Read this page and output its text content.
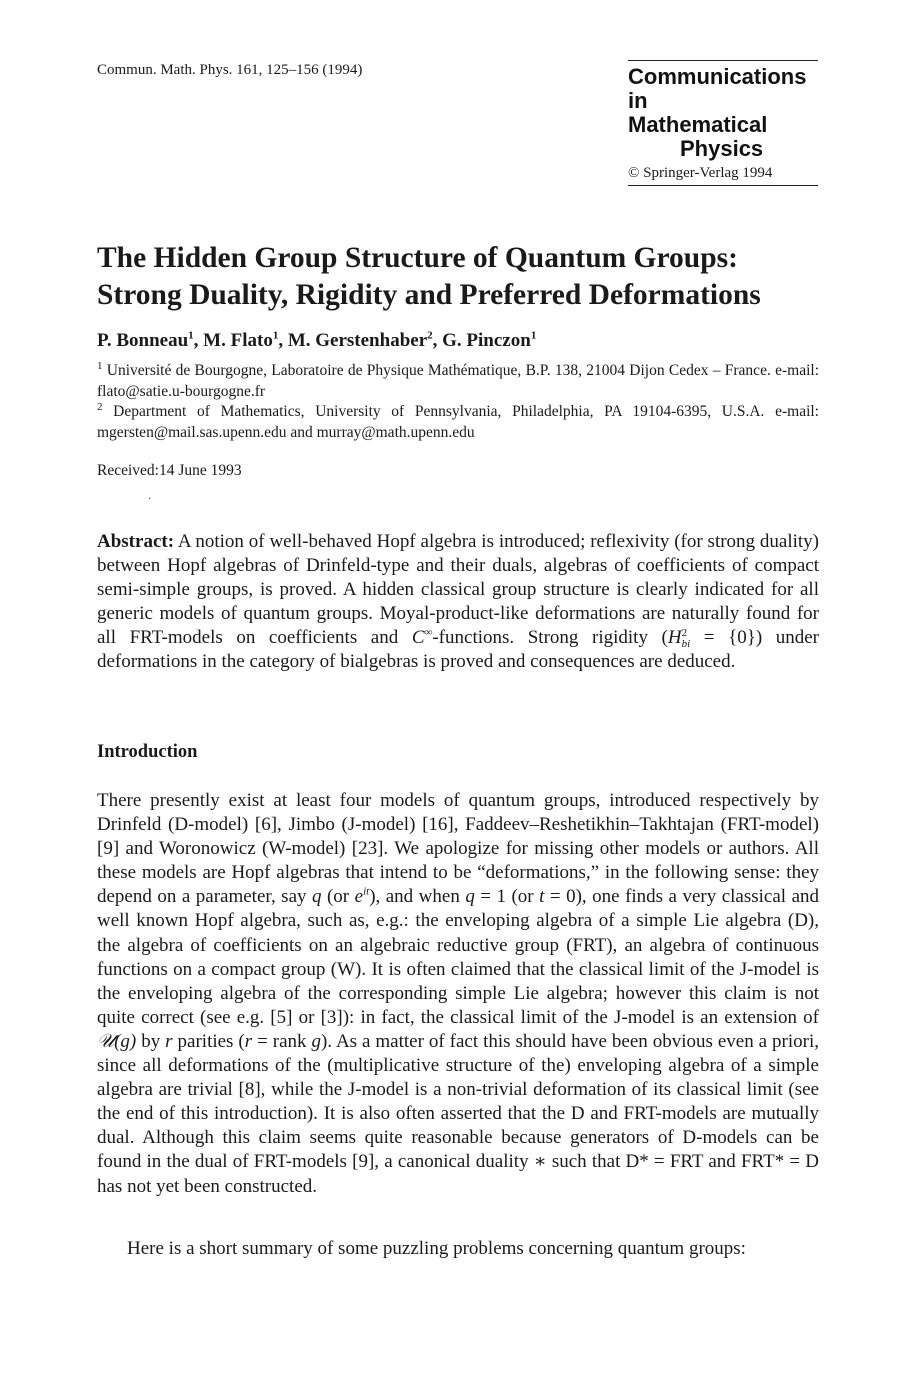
Commun. Math. Phys. 161, 125–156 (1994)	Communications in
Mathematical
Physics
© Springer-Verlag 1994
The Hidden Group Structure of Quantum Groups:
Strong Duality, Rigidity and Preferred Deformations
P. Bonneau$^1$, M. Flato$^1$, M. Gerstenhaber$^2$, G. Pinczon$^1$
$^1$ Université de Bourgogne, Laboratoire de Physique Mathématique, B.P. 138, 21004 Dijon Cedex – France. e-mail: flato@satie.u-bourgogne.fr
$^2$ Department of Mathematics, University of Pennsylvania, Philadelphia, PA 19104-6395, U.S.A. e-mail: mgersten@mail.sas.upenn.edu and murray@math.upenn.edu
Received:14 June 1993
·

Abstract: A notion of well-behaved Hopf algebra is introduced; reflexivity (for strong duality) between Hopf algebras of Drinfeld-type and their duals, algebras of coefficients of compact semi-simple groups, is proved. A hidden classical group structure is clearly indicated for all generic models of quantum groups. Moyal-product-like deformations are naturally found for all FRT-models on coefficients and C∞-functions. Strong rigidity (H 2
bi = {0}) under deformations in the category of bialgebras is proved and consequences are deduced.

Introduction

There presently exist at least four models of quantum groups, introduced respectively by Drinfeld (D-model) [6], Jimbo (J-model) [16], Faddeev–Reshetikhin–Takhtajan (FRT-model) [9] and Woronowicz (W-model) [23]. We apologize for missing other models or authors. All these models are Hopf algebras that intend to be “deformations,” in the following sense: they depend on a parameter, say q (or $e^{it}$), and when q = 1 (or t = 0), one finds a very classical and well known Hopf algebra, such as, e.g.: the enveloping algebra of a simple Lie algebra (D), the algebra of coefficients on an algebraic reductive group (FRT), an algebra of continuous functions on a compact group (W). It is often claimed that the classical limit of the J-model is the enveloping algebra of the corresponding simple Lie algebra; however this claim is not quite correct (see e.g. [5] or [3]): in fact, the classical limit of the J-model is an extension of 𝒰(g) by r parities (r = rank g). As a matter of fact this should have been obvious even a priori, since all deformations of the (multiplicative structure of the) enveloping algebra of a simple algebra are trivial [8], while the J-model is a non-trivial deformation of its classical limit (see the end of this introduction). It is also often asserted that the D and FRT-models are mutually dual. Although this claim seems quite reasonable because generators of D-models can be found in the dual of FRT-models [9], a canonical duality ∗ such that D* = FRT and FRT* = D has not yet been constructed.

Here is a short summary of some puzzling problems concerning quantum groups:
